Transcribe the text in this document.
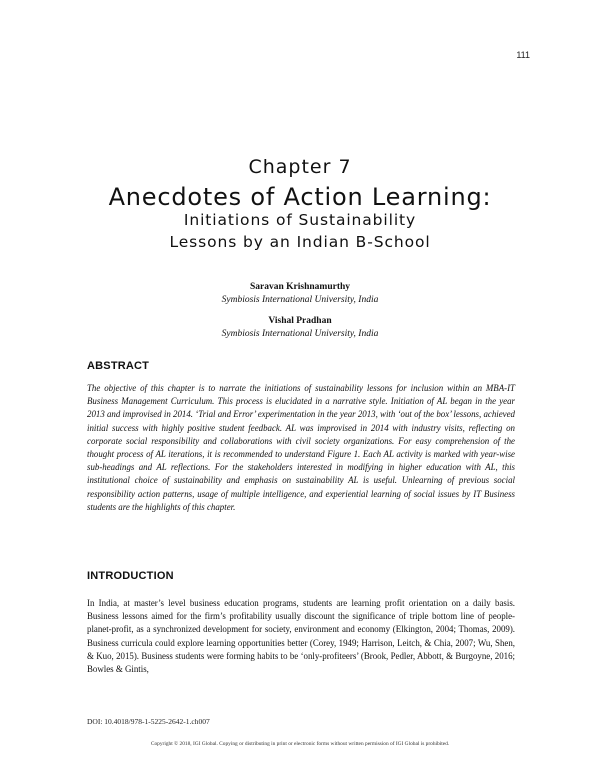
111
Chapter 7
Anecdotes of Action Learning:
Initiations of Sustainability
Lessons by an Indian B-School
Saravan Krishnamurthy
Symbiosis International University, India
Vishal Pradhan
Symbiosis International University, India
ABSTRACT
The objective of this chapter is to narrate the initiations of sustainability lessons for inclusion within an MBA-IT Business Management Curriculum. This process is elucidated in a narrative style. Initiation of AL began in the year 2013 and improvised in 2014. ‘Trial and Error’ experimentation in the year 2013, with ‘out of the box’ lessons, achieved initial success with highly positive student feedback. AL was improvised in 2014 with industry visits, reflecting on corporate social responsibility and collaborations with civil society organizations. For easy comprehension of the thought process of AL iterations, it is recommended to understand Figure 1. Each AL activity is marked with year-wise sub-headings and AL reflections. For the stakeholders interested in modifying in higher education with AL, this institutional choice of sustainability and emphasis on sustainability AL is useful. Unlearning of previous social responsibility action patterns, usage of multiple intelligence, and experiential learning of social issues by IT Business students are the highlights of this chapter.
INTRODUCTION
In India, at master’s level business education programs, students are learning profit orientation on a daily basis. Business lessons aimed for the firm’s profitability usually discount the significance of triple bottom line of people-planet-profit, as a synchronized development for society, environment and economy (Elkington, 2004; Thomas, 2009). Business curricula could explore learning opportunities better (Corey, 1949; Harrison, Leitch, & Chia, 2007; Wu, Shen, & Kuo, 2015). Business students were forming habits to be ‘only-profiteers’ (Brook, Pedler, Abbott, & Burgoyne, 2016; Bowles & Gintis,
DOI: 10.4018/978-1-5225-2642-1.ch007
Copyright © 2018, IGI Global. Copying or distributing in print or electronic forms without written permission of IGI Global is prohibited.
